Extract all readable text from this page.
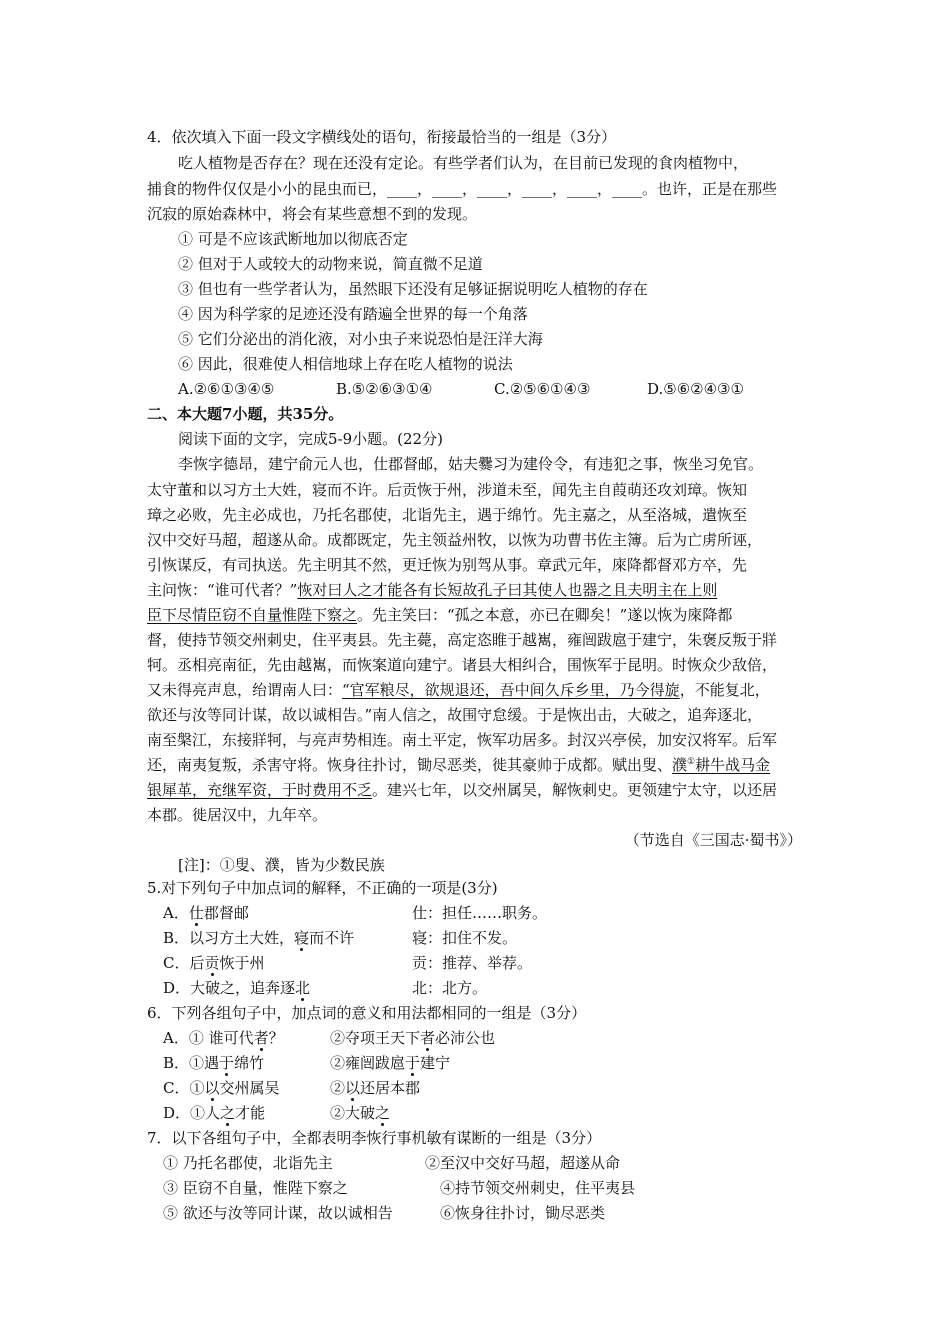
4．依次填入下面一段文字横线处的语句，衔接最恰当的一组是（3分）
吃人植物是否存在？现在还没有定论。有些学者们认为，在目前已发现的食肉植物中，
捕食的物件仅仅是小小的昆虫而已，____，____，____，____，____，____。也许，正是在那些
沉寂的原始森林中，将会有某些意想不到的发现。
① 可是不应该武断地加以彻底否定
② 但对于人或较大的动物来说，简直微不足道
③ 但也有一些学者认为，虽然眼下还没有足够证据说明吃人植物的存在
④ 因为科学家的足迹还没有踏遍全世界的每一个角落
⑤ 它们分泌出的消化液，对小虫子来说恐怕是汪洋大海
⑥ 因此，很难使人相信地球上存在吃人植物的说法
A.②⑥①③④⑤	B.⑤②⑥③①④	C.②⑤⑥①④③	D.⑤⑥②④③①
二、本大题7小题，共35分。
阅读下面的文字，完成5-9小题。(22分)
李恢字德昂，建宁俞元人也，仕郡督邮，姑夫爨习为建伶令，有违犯之事，恢坐习免官。
太守董和以习方土大姓，寝而不许。后贡恢于州，涉道未至，闻先主自葭萌还攻刘璋。恢知
璋之必败，先主必成也，乃托名郡使，北诣先主，遇于绵竹。先主嘉之，从至洛城，遣恢至
汉中交好马超，超遂从命。成都既定，先主领益州牧，以恢为功曹书佐主簿。后为亡虏所诬，
引恢谋反，有司执送。先主明其不然，更迁恢为别驾从事。章武元年，庲降都督邓方卒，先
主问恢：“谁可代者？”恢对曰人之才能各有长短故孔子曰其使人也器之且夫明主在上则
臣下尽情臣窃不自量惟陛下察之。先主笑曰：“孤之本意，亦已在卿矣！”遂以恢为庲降都
督，使持节领交州刺史，住平夷县。先主薨，高定恣睢于越嶲，雍闿跋扈于建宁，朱褒反叛于牂
牱。丞相亮南征，先由越嶲，而恢案道向建宁。诸县大相纠合，围恢军于昆明。时恢众少敌倍，
又未得亮声息，绐谓南人曰：“官军粮尽，欲规退还，吾中间久斥乡里，乃今得旋，不能复北，
欲还与汝等同计谋，故以诚相告。”南人信之，故围守怠缓。于是恢出击，大破之，追奔逐北，
南至槃江，东接牂牱，与亮声势相连。南土平定，恢军功居多。封汉兴亭侯，加安汉将军。后军
还，南夷复叛，杀害守将。恢身往扑讨，锄尽恶类，徙其豪帅于成都。赋出叟、濮①耕牛战马金
银犀革，充继军资，于时费用不乏。建兴七年，以交州属吴，解恢刺史。更领建宁太守，以还居
本郡。徙居汉中，九年卒。
（节选自《三国志·蜀书》）
[注]：①叟、濮，皆为少数民族
5.对下列句子中加点词的解释，不正确的一项是(3分)
A．仕郡督邮	仕：担任……职务。
B．以习方土大姓，寝而不许	寝：扣住不发。
C．后贡恢于州	贡：推荐、举荐。
D．大破之，追奔逐北	北：北方。
6．下列各组句子中，加点词的意义和用法都相同的一组是（3分）
A．① 谁可代者？	②夺项王天下者必沛公也
B．①遇于绵竹	②雍闿跋扈于建宁
C．①以交州属吴	②以还居本郡
D．①人之才能	②大破之
7．以下各组句子中，全都表明李恢行事机敏有谋断的一组是（3分）
① 乃托名郡使，北诣先主	②至汉中交好马超，超遂从命
③ 臣窃不自量，惟陛下察之	④持节领交州刺史，住平夷县
⑤ 欲还与汝等同计谋，故以诚相告	⑥恢身往扑讨，锄尽恶类
